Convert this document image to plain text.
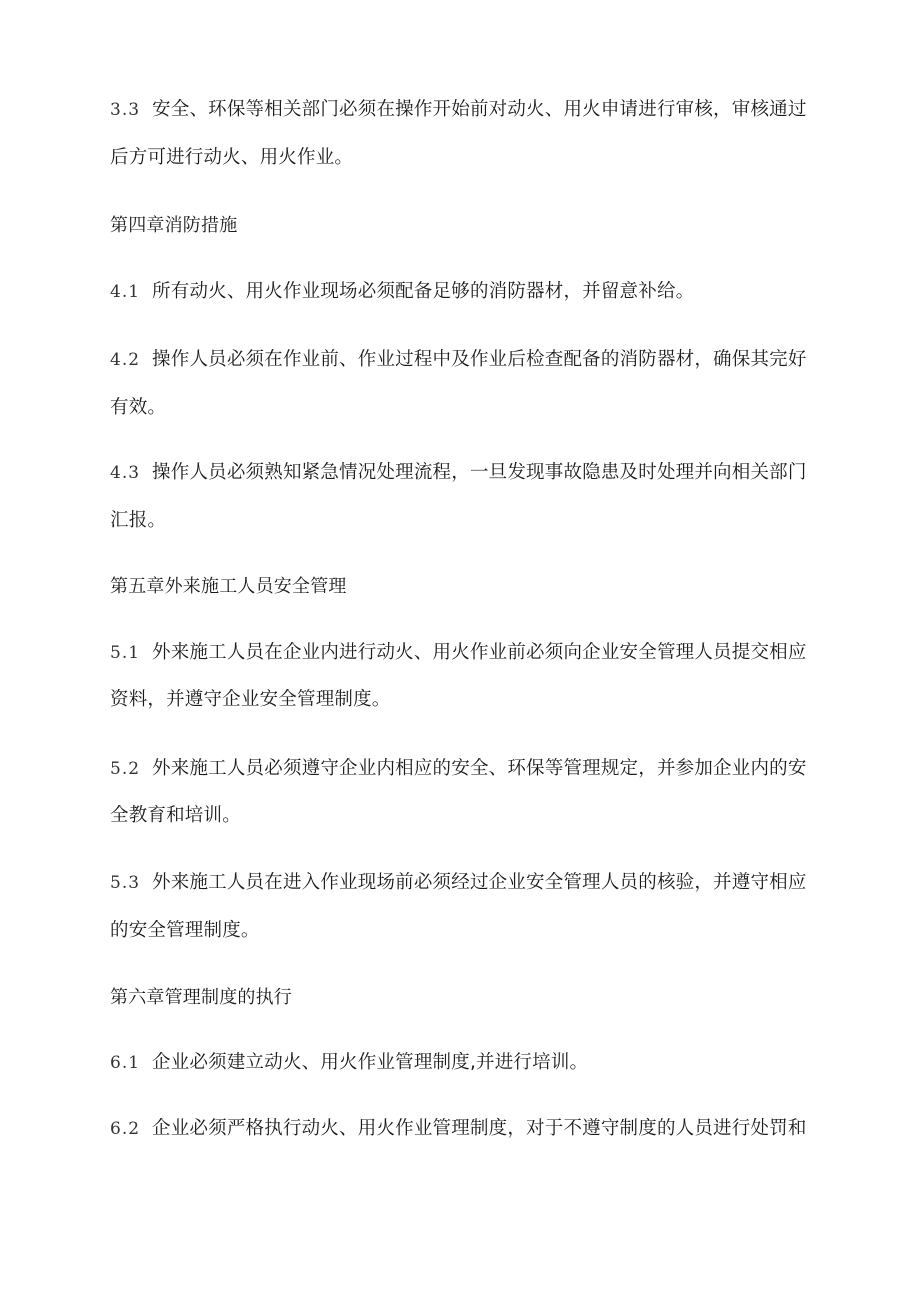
3.3 安全、环保等相关部门必须在操作开始前对动火、用火申请进行审核，审核通过
后方可进行动火、用火作业。
第四章消防措施
4.1 所有动火、用火作业现场必须配备足够的消防器材，并留意补给。
4.2 操作人员必须在作业前、作业过程中及作业后检查配备的消防器材，确保其完好
有效。
4.3 操作人员必须熟知紧急情况处理流程，一旦发现事故隐患及时处理并向相关部门
汇报。
第五章外来施工人员安全管理
5.1 外来施工人员在企业内进行动火、用火作业前必须向企业安全管理人员提交相应
资料，并遵守企业安全管理制度。
5.2 外来施工人员必须遵守企业内相应的安全、环保等管理规定，并参加企业内的安
全教育和培训。
5.3 外来施工人员在进入作业现场前必须经过企业安全管理人员的核验，并遵守相应
的安全管理制度。
第六章管理制度的执行
6.1 企业必须建立动火、用火作业管理制度,并进行培训。
6.2 企业必须严格执行动火、用火作业管理制度，对于不遵守制度的人员进行处罚和
